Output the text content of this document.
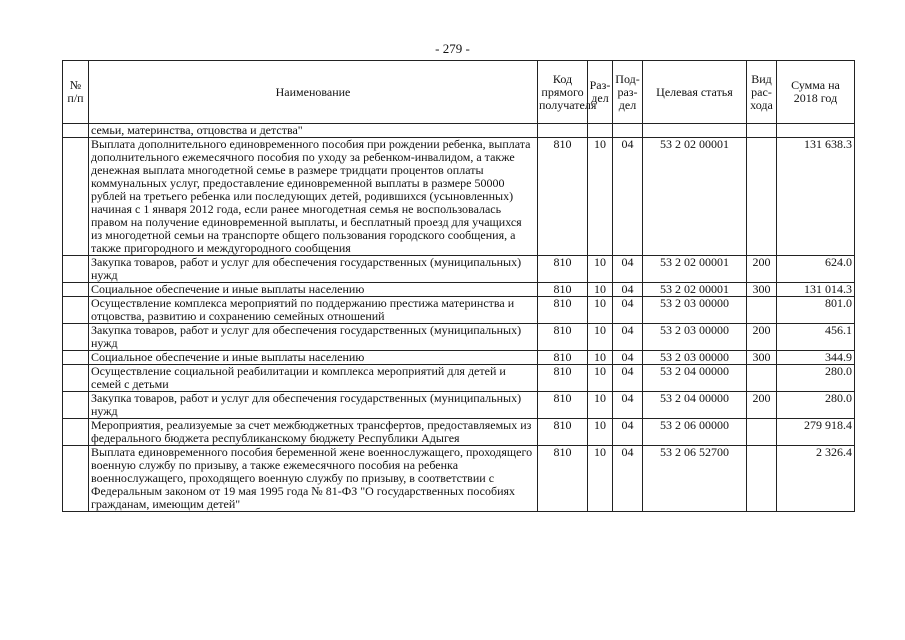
- 279 -
№ п/п	Наименование	Код прямого получателя	Раз-дел	Под-раз-дел	Целевая статья	Вид рас-хода	Сумма на 2018 год
	семьи, материнства, отцовства и детства"						
	Выплата дополнительного единовременного пособия при рождении ребенка, выплата дополнительного ежемесячного пособия по уходу за ребенком-инвалидом, а также денежная выплата многодетной семье в размере тридцати процентов оплаты коммунальных услуг, предоставление единовременной выплаты в размере 50000 рублей на третьего ребенка или последующих детей, родившихся (усыновленных) начиная с 1 января 2012 года, если ранее многодетная семья не воспользовалась правом на получение единовременной выплаты, и бесплатный проезд для учащихся из многодетной семьи на транспорте общего пользования городского сообщения, а также пригородного и междугородного сообщения	810	10	04	53 2 02 00001		131 638.3
	Закупка товаров, работ и услуг для обеспечения государственных (муниципальных) нужд	810	10	04	53 2 02 00001	200	624.0
	Социальное обеспечение и иные выплаты населению	810	10	04	53 2 02 00001	300	131 014.3
	Осуществление комплекса мероприятий по поддержанию престижа материнства и отцовства, развитию и сохранению семейных отношений	810	10	04	53 2 03 00000		801.0
	Закупка товаров, работ и услуг для обеспечения государственных (муниципальных) нужд	810	10	04	53 2 03 00000	200	456.1
	Социальное обеспечение и иные выплаты населению	810	10	04	53 2 03 00000	300	344.9
	Осуществление социальной реабилитации и комплекса мероприятий для детей и семей с детьми	810	10	04	53 2 04 00000		280.0
	Закупка товаров, работ и услуг для обеспечения государственных (муниципальных) нужд	810	10	04	53 2 04 00000	200	280.0
	Мероприятия, реализуемые за счет межбюджетных трансфертов, предоставляемых из федерального бюджета республиканскому бюджету Республики Адыгея	810	10	04	53 2 06 00000		279 918.4
	Выплата единовременного пособия беременной жене военнослужащего, проходящего военную службу по призыву, а также ежемесячного пособия на ребенка военнослужащего, проходящего военную службу по призыву, в соответствии с Федеральным законом от 19 мая 1995 года № 81-ФЗ "О государственных пособиях гражданам, имеющим детей"	810	10	04	53 2 06 52700		2 326.4
